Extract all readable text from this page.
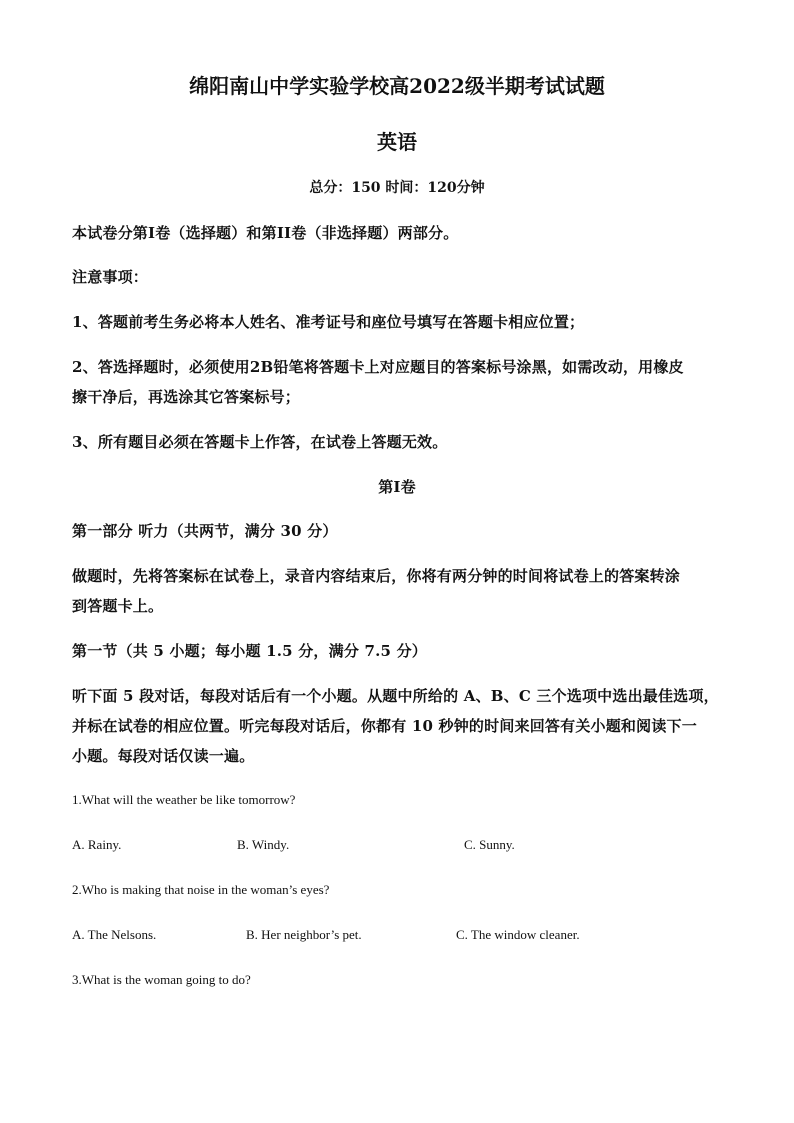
绵阳南山中学实验学校高2022级半期考试试题
英语
总分：150 时间：120分钟
本试卷分第I卷（选择题）和第II卷（非选择题）两部分。
注意事项：
1、答题前考生务必将本人姓名、准考证号和座位号填写在答题卡相应位置；
2、答选择题时，必须使用2B铅笔将答题卡上对应题目的答案标号涂黑，如需改动，用橡皮
擦干净后，再选涂其它答案标号；
3、所有题目必须在答题卡上作答，在试卷上答题无效。
第I卷
第一部分 听力（共两节，满分 30 分）
做题时，先将答案标在试卷上，录音内容结束后，你将有两分钟的时间将试卷上的答案转涂
到答题卡上。
第一节（共 5 小题；每小题 1.5 分，满分 7.5 分）
听下面 5 段对话，每段对话后有一个小题。从题中所给的 A、B、C 三个选项中选出最佳选项，
并标在试卷的相应位置。听完每段对话后，你都有 10 秒钟的时间来回答有关小题和阅读下一
小题。每段对话仅读一遍。
1.What will the weather be like tomorrow?
A. Rainy.	B. Windy.	C. Sunny.
2.Who is making that noise in the woman’s eyes?
A. The Nelsons.	B. Her neighbor’s pet.	C. The window cleaner.
3.What is the woman going to do?
